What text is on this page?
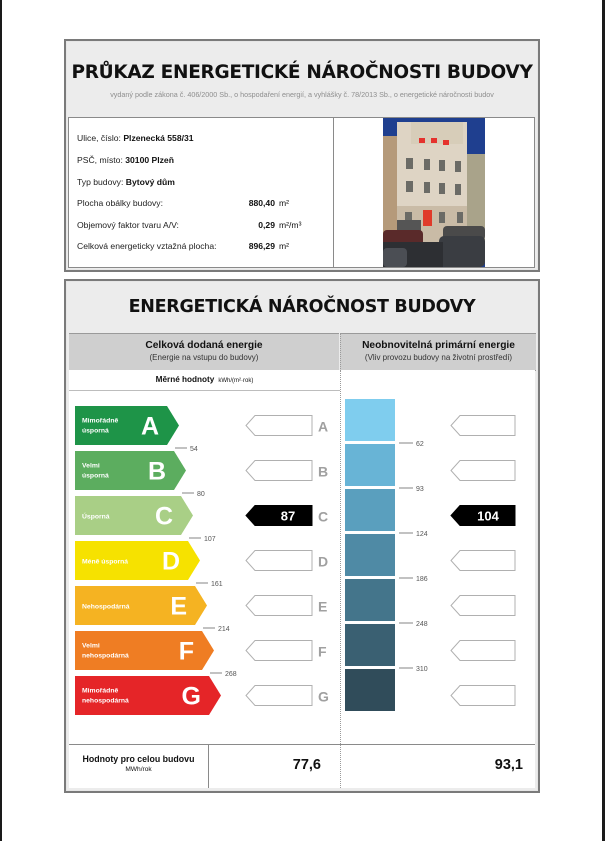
PRŮKAZ ENERGETICKÉ NÁROČNOSTI BUDOVY
vydaný podle zákona č. 406/2000 Sb., o hospodaření energií, a vyhlášky č. 78/2013 Sb., o energetické náročnosti budov
Ulice, číslo: Plzenecká 558/31
PSČ, místo: 30100 Plzeň
Typ budovy: Bytový dům
Plocha obálky budovy:	880,40 m²
Objemový faktor tvaru A/V:	0,29 m²/m³
Celková energeticky vztažná plocha:	896,29 m²
ENERGETICKÁ NÁROČNOST BUDOVY
Celková dodaná energie
(Energie na vstupu do budovy)
Neobnovitelná primární energie
(Vliv provozu budovy na životní prostředí)
Měrné hodnoty kWh/(m²·rok)
Mimořádně
úsporná A	A
Velmi
úsporná B	B
Úsporná C	87 C	104
Méně úsporná D	D
Nehospodárná E	E
Velmi
nehospodárná F	F
Mimořádně
nehospodárná G	G
54
80
107
161
214
268
62
93
124
186
248
310
Hodnoty pro celou budovu
MWh/rok	77,6	93,1
